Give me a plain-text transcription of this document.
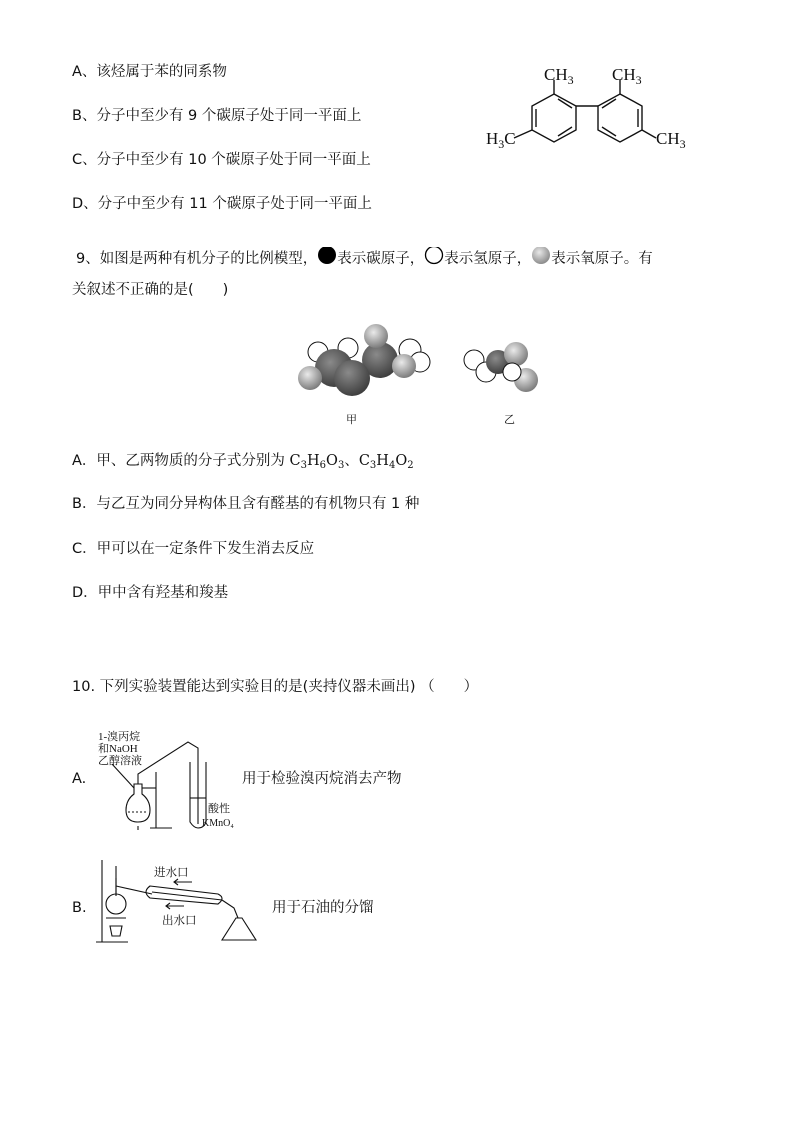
A、该烃属于苯的同系物
B、分子中至少有 9 个碳原子处于同一平面上
C、分子中至少有 10 个碳原子处于同一平面上
D、分子中至少有 11 个碳原子处于同一平面上
$CH_3$ $CH_3$
$H_3C$	$CH_3$
9、如图是两种有机分子的比例模型， 表示碳原子， 表示氢原子， 表示氧原子。有
关叙述不正确的是(　　)
甲	乙
A．甲、乙两物质的分子式分别为 $C_3H_6O_3$、$C_3H_4O_2$
B．与乙互为同分异构体且含有醛基的有机物只有 1 种
C．甲可以在一定条件下发生消去反应
D．甲中含有羟基和羧基
10. 下列实验装置能达到实验目的是(夹持仪器未画出) （　　）
A.
1-溴丙烷
和NaOH
乙醇溶液
酸性
KMnO₄
用于检验溴丙烷消去产物
B.
进水口
出水口
用于石油的分馏
